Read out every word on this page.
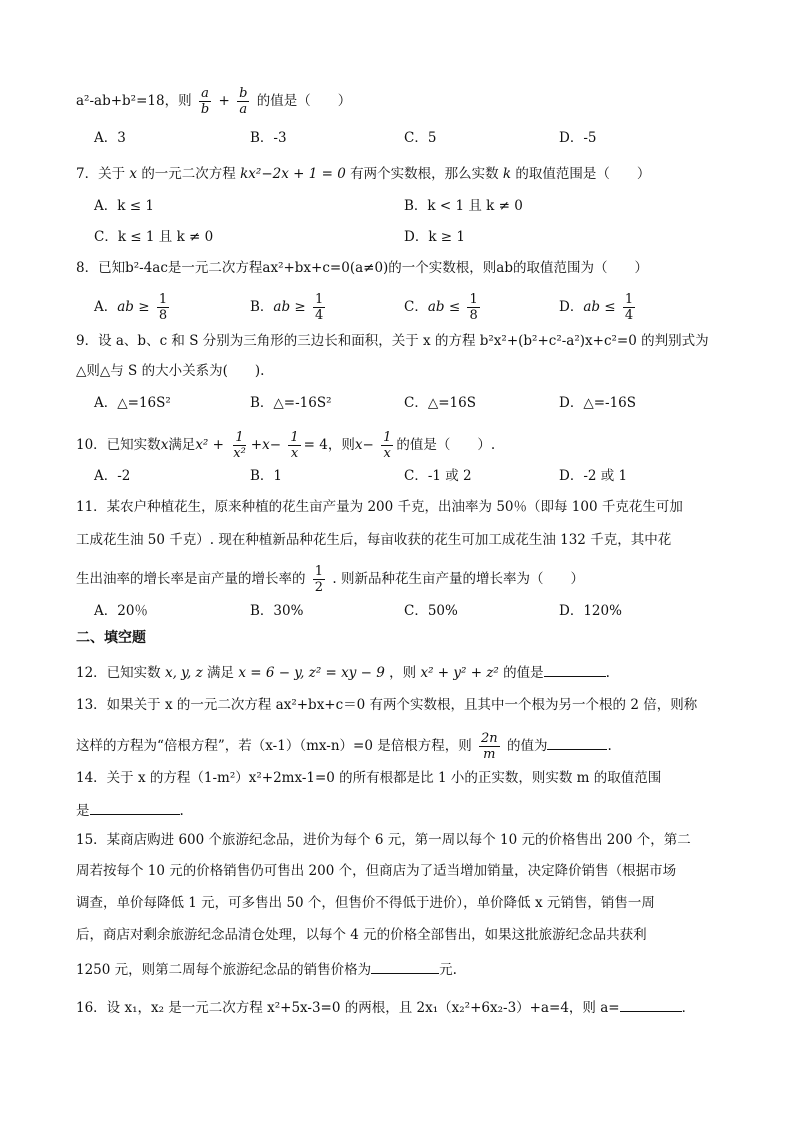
a²-ab+b²=18，则 $\frac{a}{b} + \frac{b}{a}$ 的值是（　　）
A．3	B．-3	C．5	D．-5
7．关于 x 的一元二次方程 kx²−2x + 1 = 0 有两个实数根，那么实数 k 的取值范围是（　　）
A．k ≤ 1	B．k < 1 且 k ≠ 0
C．k ≤ 1 且 k ≠ 0	D．k ≥ 1
8．已知b²-4ac是一元二次方程ax²+bx+c=0(a≠0)的一个实数根，则ab的取值范围为（　　）
A．ab ≥ $\frac{1}{8}$	B．ab ≥ $\frac{1}{4}$	C．ab ≤ $\frac{1}{8}$	D．ab ≤ $\frac{1}{4}$
9．设 a、b、c 和 S 分别为三角形的三边长和面积，关于 x 的方程 b²x²+(b²+c²-a²)x+c²=0 的判别式为
△则△与 S 的大小关系为(　　).
A．△=16S²	B．△=-16S²	C．△=16S	D．△=-16S
10．已知实数x满足$x^2 + \frac{1}{\text{x²}} +x- \frac{1}{x} = 4$，则$x- \frac{1}{x}$ 的值是（　　）.
A．-2	B．1	C．-1 或 2	D．-2 或 1
11．某农户种植花生，原来种植的花生亩产量为 200 千克，出油率为 50％（即每 100 千克花生可加
工成花生油 50 千克）. 现在种植新品种花生后，每亩收获的花生可加工成花生油 132 千克，其中花
生出油率的增长率是亩产量的增长率的 $\frac{1}{2}$ . 则新品种花生亩产量的增长率为（　　）
A．20％	B．30%	C．50%	D．120%
二、填空题
12．已知实数 x, y, z 满足 x = 6 − y, z² = xy − 9 ，则 x² + y² + z² 的值是	.
13．如果关于 x 的一元二次方程 ax²+bx+c＝0 有两个实数根，且其中一个根为另一个根的 2 倍，则称
这样的方程为“倍根方程”，若（x-1）（mx-n）=0 是倍根方程，则 $\frac{2n}{m}$ 的值为	.
14．关于 x 的方程（1-m²）x²+2mx-1=0 的所有根都是比 1 小的正实数，则实数 m 的取值范围
是	.
15．某商店购进 600 个旅游纪念品，进价为每个 6 元，第一周以每个 10 元的价格售出 200 个，第二
周若按每个 10 元的价格销售仍可售出 200 个，但商店为了适当增加销量，决定降价销售（根据市场
调查，单价每降低 1 元，可多售出 50 个，但售价不得低于进价），单价降低 x 元销售，销售一周
后，商店对剩余旅游纪念品清仓处理，以每个 4 元的价格全部售出，如果这批旅游纪念品共获利
1250 元，则第二周每个旅游纪念品的销售价格为	元.
16．设 x₁，x₂ 是一元二次方程 x²+5x-3=0 的两根，且 2x₁（x₂²+6x₂-3）+a=4，则 a=	．
